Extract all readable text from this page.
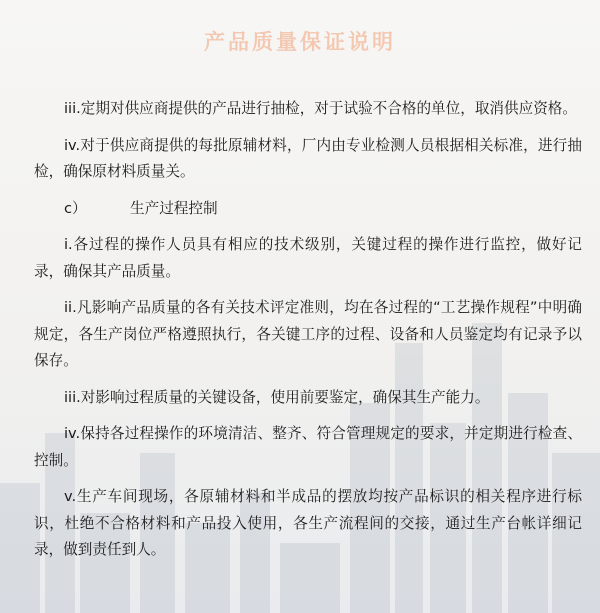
产品质量保证说明

iii.定期对供应商提供的产品进行抽检，对于试验不合格的单位，取消供应资格。

iv.对于供应商提供的每批原辅材料，厂内由专业检测人员根据相关标准，进行抽检，确保原材料质量关。

c）	生产过程控制

i.各过程的操作人员具有相应的技术级别，关键过程的操作进行监控，做好记录，确保其产品质量。

ii.凡影响产品质量的各有关技术评定准则，均在各过程的“工艺操作规程”中明确规定，各生产岗位严格遵照执行，各关键工序的过程、设备和人员鉴定均有记录予以保存。

iii.对影响过程质量的关键设备，使用前要鉴定，确保其生产能力。

iv.保持各过程操作的环境清洁、整齐、符合管理规定的要求，并定期进行检查、控制。

v.生产车间现场，各原辅材料和半成品的摆放均按产品标识的相关程序进行标识，杜绝不合格材料和产品投入使用，各生产流程间的交接，通过生产台帐详细记录，做到责任到人。
